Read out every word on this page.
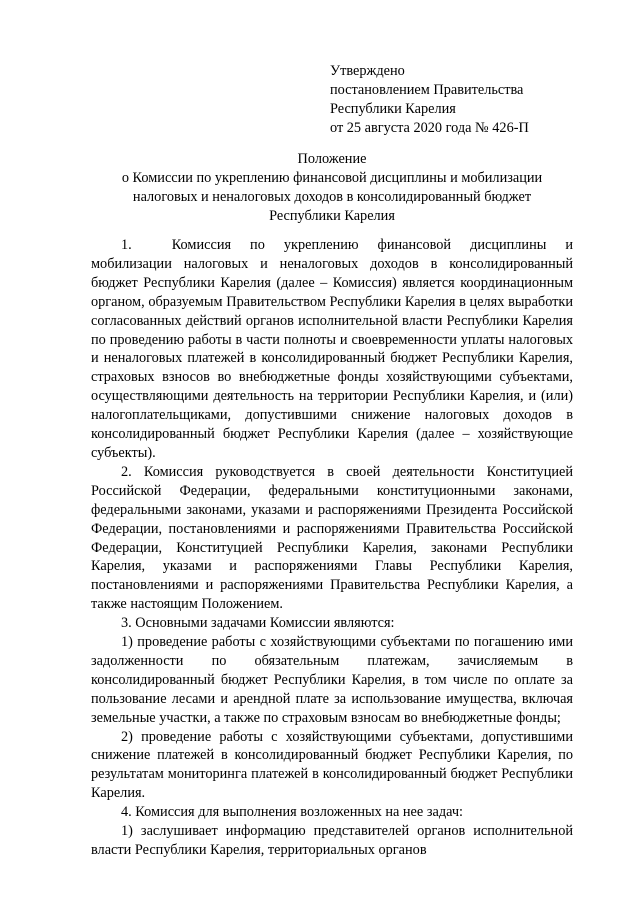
Утверждено
постановлением Правительства
Республики Карелия
от 25 августа 2020 года № 426-П
Положение
о Комиссии по укреплению финансовой дисциплины и мобилизации
налоговых и неналоговых доходов в консолидированный бюджет
Республики Карелия

1.	Комиссия по укреплению финансовой дисциплины и мобилизации налоговых и неналоговых доходов в консолидированный бюджет Республики Карелия (далее – Комиссия) является координационным органом, образуемым Правительством Республики Карелия в целях выработки согласованных действий органов исполнительной власти Республики Карелия по проведению работы в части полноты и своевременности уплаты налоговых и неналоговых платежей в консолидированный бюджет Республики Карелия, страховых взносов во внебюджетные фонды хозяйствующими субъектами, осуществляющими деятельность на территории Республики Карелия, и (или) налогоплательщиками, допустившими снижение налоговых доходов в консолидированный бюджет Республики Карелия (далее – хозяйствующие субъекты).

2. Комиссия руководствуется в своей деятельности Конституцией Российской Федерации, федеральными конституционными законами, федеральными законами, указами и распоряжениями Президента Российской Федерации, постановлениями и распоряжениями Правительства Российской Федерации, Конституцией Республики Карелия, законами Республики Карелия, указами и распоряжениями Главы Республики Карелия, постановлениями и распоряжениями Правительства Республики Карелия, а также настоящим Положением.

3. Основными задачами Комиссии являются:

1) проведение работы с хозяйствующими субъектами по погашению ими задолженности по обязательным платежам, зачисляемым в консолидированный бюджет Республики Карелия, в том числе по оплате за пользование лесами и арендной плате за использование имущества, включая земельные участки, а также по страховым взносам во внебюджетные фонды;

2) проведение работы с хозяйствующими субъектами, допустившими снижение платежей в консолидированный бюджет Республики Карелия, по результатам мониторинга платежей в консолидированный бюджет Республики Карелия.

4. Комиссия для выполнения возложенных на нее задач:

1) заслушивает информацию представителей органов исполнительной власти Республики Карелия, территориальных органов
